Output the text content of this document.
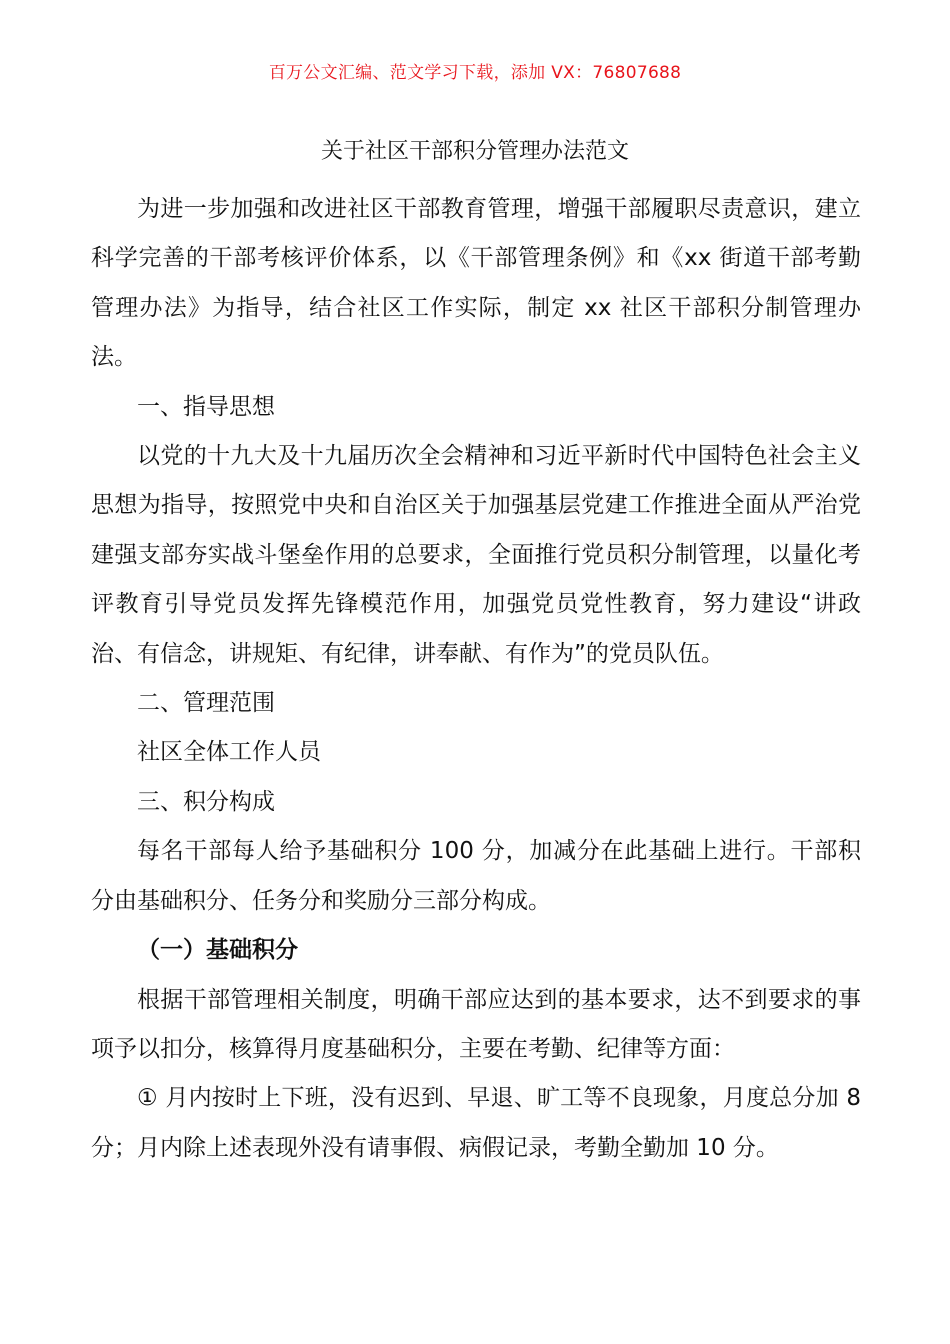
百万公文汇编、范文学习下载，添加 VX：76807688
关于社区干部积分管理办法范文

为进一步加强和改进社区干部教育管理，增强干部履职尽责意识，建立科学完善的干部考核评价体系，以《干部管理条例》和《xx 街道干部考勤管理办法》为指导，结合社区工作实际，制定 xx 社区干部积分制管理办法。

一、指导思想

以党的十九大及十九届历次全会精神和习近平新时代中国特色社会主义思想为指导，按照党中央和自治区关于加强基层党建工作推进全面从严治党建强支部夯实战斗堡垒作用的总要求，全面推行党员积分制管理，以量化考评教育引导党员发挥先锋模范作用，加强党员党性教育，努力建设“讲政治、有信念，讲规矩、有纪律，讲奉献、有作为”的党员队伍。

二、管理范围

社区全体工作人员

三、积分构成

每名干部每人给予基础积分 100 分，加减分在此基础上进行。干部积分由基础积分、任务分和奖励分三部分构成。

（一）基础积分

根据干部管理相关制度，明确干部应达到的基本要求，达不到要求的事项予以扣分，核算得月度基础积分，主要在考勤、纪律等方面：

① 月内按时上下班，没有迟到、早退、旷工等不良现象，月度总分加 8 分；月内除上述表现外没有请事假、病假记录，考勤全勤加 10 分。
